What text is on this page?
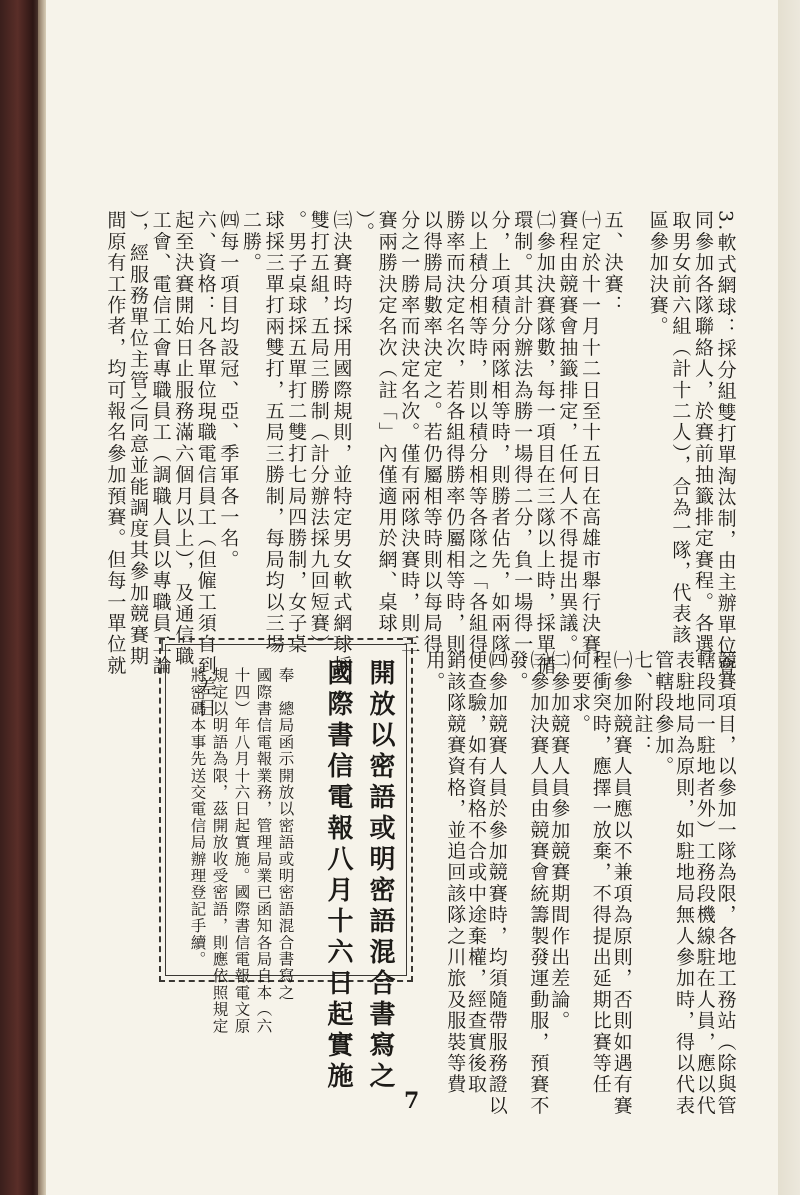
3.軟式網球：採分組雙打單淘汰制，由主辦單位會
同參加各隊聯絡人，於賽前抽籤排定賽程。各選
取男女前六組（計十二人），合為一隊，代表該
區參加決賽。
五、決賽：
㈠定於十一月十二日至十五日在高雄市舉行決賽。
賽程由競賽會抽籤排定，任何人不得提出異議。
㈡參加決賽隊數，每一項目在三隊以上時，採單循
環制。其計分辦法為勝一場得二分，負一場得一
分，上項積分兩隊相等時，則勝者佔先，如兩隊
以上積分相等時，則以積分相等各隊之「各組得
勝率而決定名次，若各組得勝率仍屬相等時，則
以得勝局數率決定之。若仍屬相等時則以每局得
分之一勝率而決定名次。僅有兩隊決賽時，則三
賽兩勝決定名次（註「」內僅適用於網、桌球
）。
㈢決賽時均採用國際規則，並特定男女軟式網球採
雙打五組，五局三勝制（計分辦法採九回短賽）
。男子桌球採五單打二雙打七局四勝制，女子桌
球採三單打兩雙打，五局三勝制，每局均以三場
二勝。
㈣每一項目均設冠、亞、季軍各一名。
六、資格：凡各單位現職電信員工（但僱工須自到差日
起至決賽開始日止服務滿六個月以上），及通信職
工會、電信工會專職員工（調職人員以專職員工論
），經服務單位主管之同意並能調度其參加競賽期
間原有工作者，均可報名參加預賽。但每一單位就
競賽項目，以參加一隊為限，各地工務站（除與管
轄段同一駐地者外）工務段機線駐在人員，應以代
表駐地局為原則，如駐地局無人參加時，得以代表
管轄段參加。
七、附註：
㈠參加競賽人員應以不兼項為原則，否則如遇有賽
程衝突時，應擇一放棄，不得提出延期比賽等任
何要求。
㈡參加競賽人員參加競賽期間作出差論。
㈢參加決賽人員由競賽會統籌製發運動服，預賽不
發。
㈣參加競賽人員於參加競賽時，均須隨帶服務證以
便查驗，如有資格不合或中途棄權，經查實後取
銷該隊競賽資格，並追回該隊之川旅及服裝等費
用。
開放以密語或明密語混合書寫之
國際書信電報八月十六日起實施
奉　總局函示開放以密語或明密語混合書寫之
國際書信電報業務，管理局業已函知各局自本（六
十四）年八月十六日起實施。國際書信電報電文原
規定以明語為限，茲開放收受密語，則應依照規定
將密碼本事先送交電信局辦理登記手續。
7
